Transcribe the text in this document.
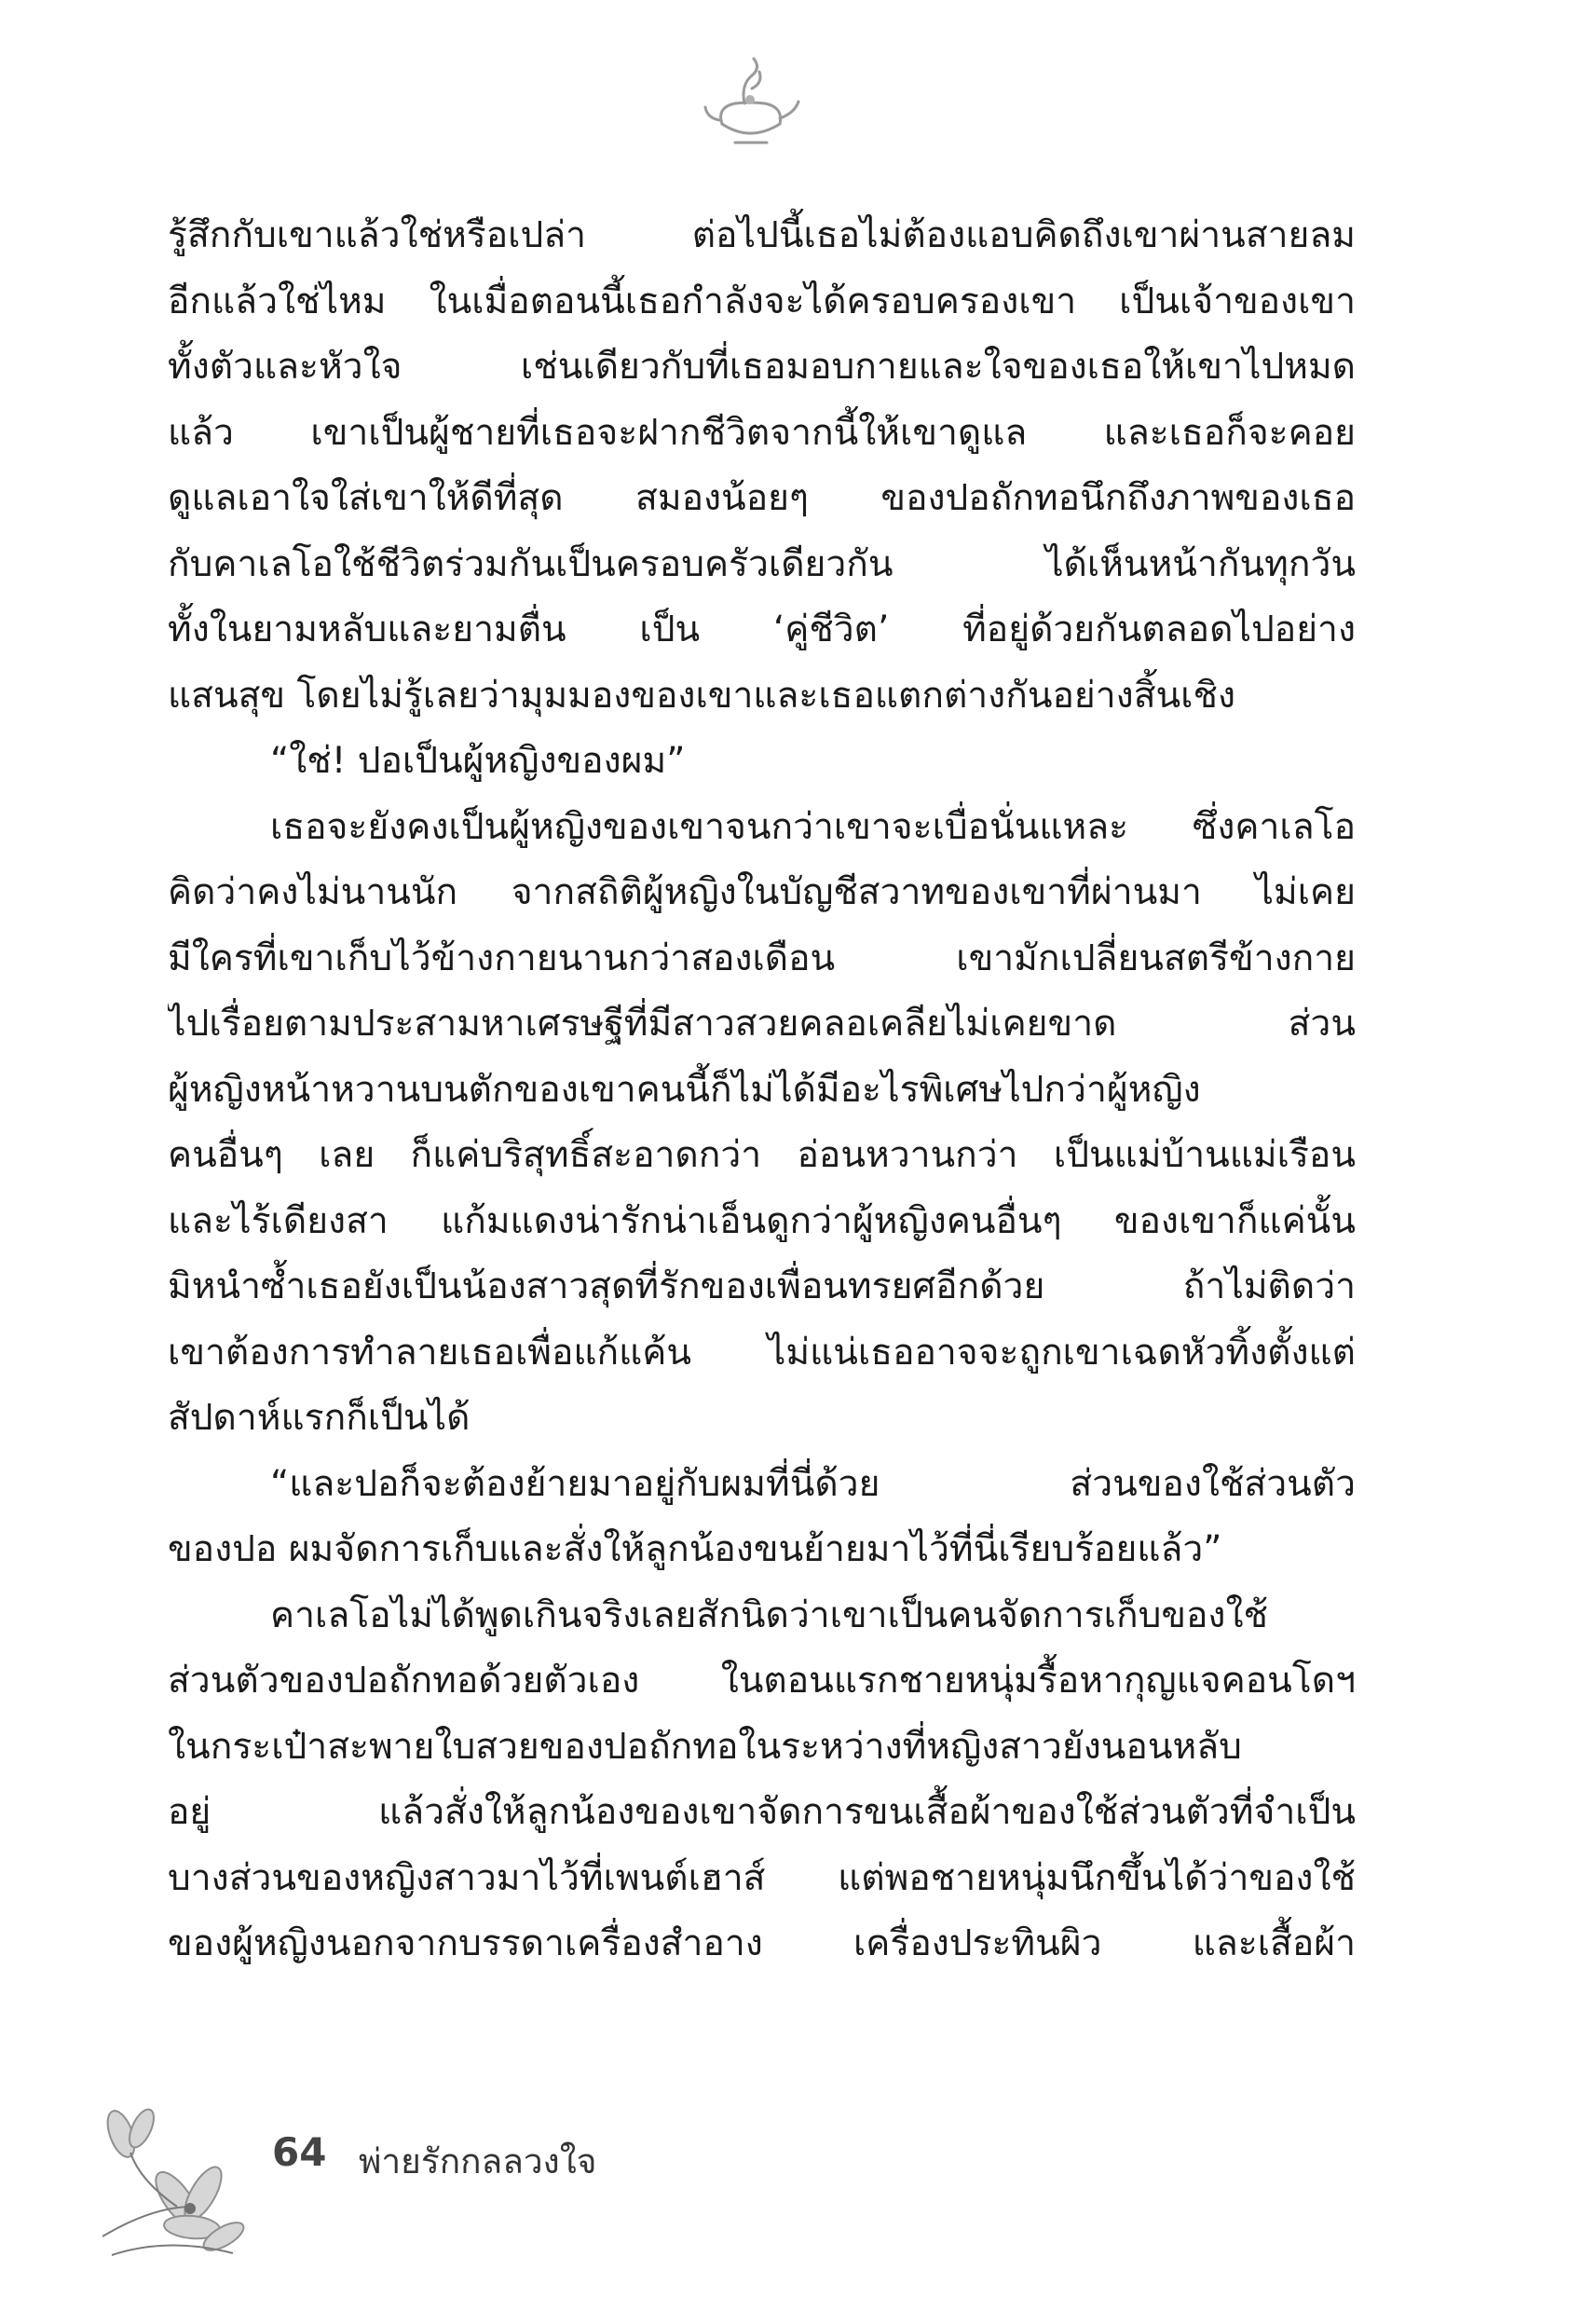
รู้สึกกับเขาแล้วใช่หรือเปล่า ต่อไปนี้เธอไม่ต้องแอบคิดถึงเขาผ่านสายลม
อีกแล้วใช่ไหม ในเมื่อตอนนี้เธอกำลังจะได้ครอบครองเขา เป็นเจ้าของเขา
ทั้งตัวและหัวใจ เช่นเดียวกับที่เธอมอบกายและใจของเธอให้เขาไปหมด
แล้ว เขาเป็นผู้ชายที่เธอจะฝากชีวิตจากนี้ให้เขาดูแล และเธอก็จะคอย
ดูแลเอาใจใส่เขาให้ดีที่สุด สมองน้อยๆ ของปอถักทอนึกถึงภาพของเธอ
กับคาเลโอใช้ชีวิตร่วมกันเป็นครอบครัวเดียวกัน ได้เห็นหน้ากันทุกวัน
ทั้งในยามหลับและยามตื่น เป็น ‘คู่ชีวิต’ ที่อยู่ด้วยกันตลอดไปอย่าง
แสนสุข โดยไม่รู้เลยว่ามุมมองของเขาและเธอแตกต่างกันอย่างสิ้นเชิง
“ใช่! ปอเป็นผู้หญิงของผม”
เธอจะยังคงเป็นผู้หญิงของเขาจนกว่าเขาจะเบื่อนั่นแหละ ซึ่งคาเลโอ
คิดว่าคงไม่นานนัก จากสถิติผู้หญิงในบัญชีสวาทของเขาที่ผ่านมา ไม่เคย
มีใครที่เขาเก็บไว้ข้างกายนานกว่าสองเดือน เขามักเปลี่ยนสตรีข้างกาย
ไปเรื่อยตามประสามหาเศรษฐีที่มีสาวสวยคลอเคลียไม่เคยขาด ส่วน
ผู้หญิงหน้าหวานบนตักของเขาคนนี้ก็ไม่ได้มีอะไรพิเศษไปกว่าผู้หญิง
คนอื่นๆ เลย ก็แค่บริสุทธิ์สะอาดกว่า อ่อนหวานกว่า เป็นแม่บ้านแม่เรือน
และไร้เดียงสา แก้มแดงน่ารักน่าเอ็นดูกว่าผู้หญิงคนอื่นๆ ของเขาก็แค่นั้น
มิหนำซ้ำเธอยังเป็นน้องสาวสุดที่รักของเพื่อนทรยศอีกด้วย ถ้าไม่ติดว่า
เขาต้องการทำลายเธอเพื่อแก้แค้น ไม่แน่เธออาจจะถูกเขาเฉดหัวทิ้งตั้งแต่
สัปดาห์แรกก็เป็นได้
“และปอก็จะต้องย้ายมาอยู่กับผมที่นี่ด้วย ส่วนของใช้ส่วนตัว
ของปอ ผมจัดการเก็บและสั่งให้ลูกน้องขนย้ายมาไว้ที่นี่เรียบร้อยแล้ว”
คาเลโอไม่ได้พูดเกินจริงเลยสักนิดว่าเขาเป็นคนจัดการเก็บของใช้
ส่วนตัวของปอถักทอด้วยตัวเอง ในตอนแรกชายหนุ่มรื้อหากุญแจคอนโดฯ
ในกระเป๋าสะพายใบสวยของปอถักทอในระหว่างที่หญิงสาวยังนอนหลับ
อยู่ แล้วสั่งให้ลูกน้องของเขาจัดการขนเสื้อผ้าของใช้ส่วนตัวที่จำเป็น
บางส่วนของหญิงสาวมาไว้ที่เพนต์เฮาส์ แต่พอชายหนุ่มนึกขึ้นได้ว่าของใช้
ของผู้หญิงนอกจากบรรดาเครื่องสำอาง เครื่องประทินผิว และเสื้อผ้า
64 พ่ายรักกลลวงใจ
